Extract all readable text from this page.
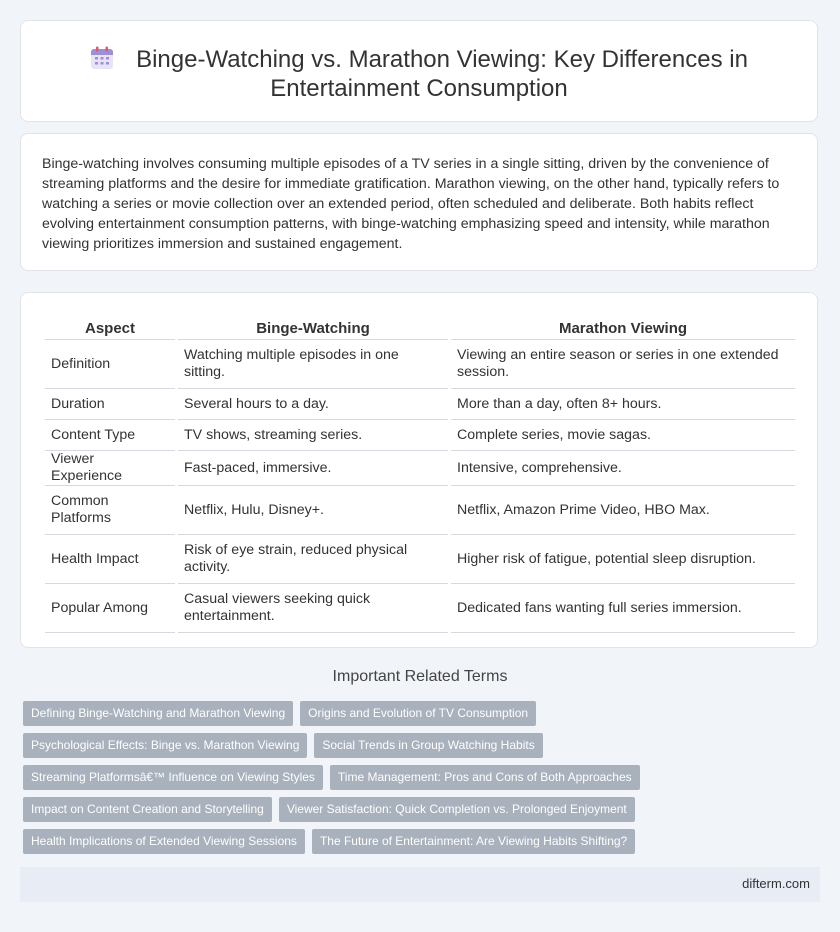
Binge-Watching vs. Marathon Viewing: Key Differences in
Entertainment Consumption

Binge-watching involves consuming multiple episodes of a TV series in a single sitting, driven by the convenience of streaming platforms and the desire for immediate gratification. Marathon viewing, on the other hand, typically refers to watching a series or movie collection over an extended period, often scheduled and deliberate. Both habits reflect evolving entertainment consumption patterns, with binge-watching emphasizing speed and intensity, while marathon viewing prioritizes immersion and sustained engagement.

Aspect	Binge-Watching	Marathon Viewing
Definition	Watching multiple episodes in one sitting.	Viewing an entire season or series in one extended session.
Duration	Several hours to a day.	More than a day, often 8+ hours.
Content Type	TV shows, streaming series.	Complete series, movie sagas.
Viewer Experience	Fast-paced, immersive.	Intensive, comprehensive.
Common Platforms	Netflix, Hulu, Disney+.	Netflix, Amazon Prime Video, HBO Max.
Health Impact	Risk of eye strain, reduced physical activity.	Higher risk of fatigue, potential sleep disruption.
Popular Among	Casual viewers seeking quick entertainment.	Dedicated fans wanting full series immersion.
Important Related Terms
Defining Binge-Watching and Marathon Viewing	Origins and Evolution of TV Consumption
Psychological Effects: Binge vs. Marathon Viewing	Social Trends in Group Watching Habits
Streaming Platformsâ€™ Influence on Viewing Styles	Time Management: Pros and Cons of Both Approaches
Impact on Content Creation and Storytelling	Viewer Satisfaction: Quick Completion vs. Prolonged Enjoyment
Health Implications of Extended Viewing Sessions	The Future of Entertainment: Are Viewing Habits Shifting?
difterm.com
